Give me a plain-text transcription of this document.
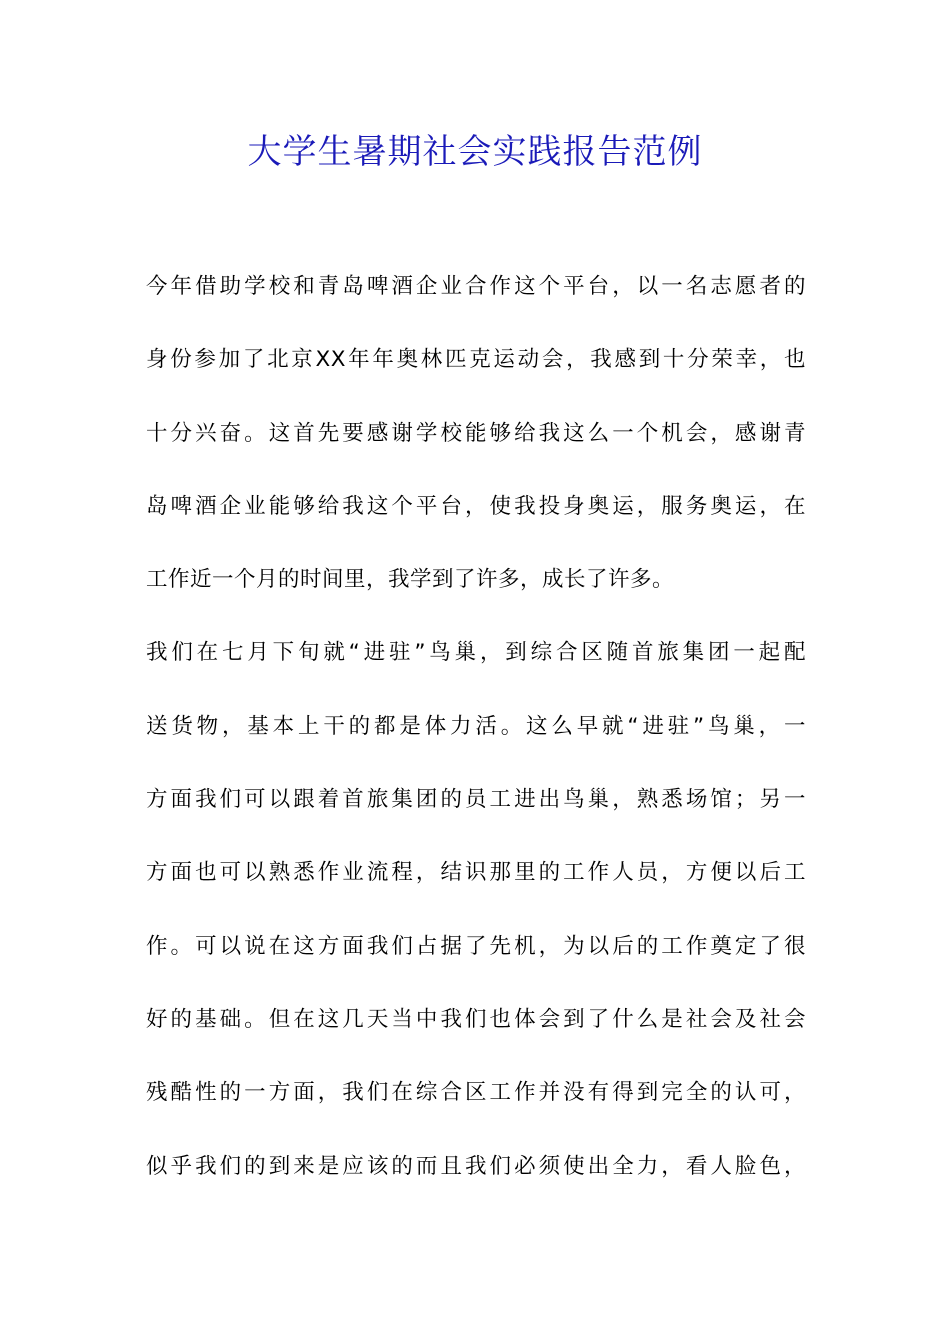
大学生暑期社会实践报告范例
今年借助学校和青岛啤酒企业合作这个平台，以一名志愿者的
身份参加了北京XX年年奥林匹克运动会，我感到十分荣幸，也
十分兴奋。这首先要感谢学校能够给我这么一个机会，感谢青
岛啤酒企业能够给我这个平台，使我投身奥运，服务奥运，在
工作近一个月的时间里，我学到了许多，成长了许多。
我们在七月下旬就“进驻”鸟巢，到综合区随首旅集团一起配
送货物，基本上干的都是体力活。这么早就“进驻”鸟巢，一
方面我们可以跟着首旅集团的员工进出鸟巢，熟悉场馆；另一
方面也可以熟悉作业流程，结识那里的工作人员，方便以后工
作。可以说在这方面我们占据了先机，为以后的工作奠定了很
好的基础。但在这几天当中我们也体会到了什么是社会及社会
残酷性的一方面，我们在综合区工作并没有得到完全的认可，
似乎我们的到来是应该的而且我们必须使出全力，看人脸色，
